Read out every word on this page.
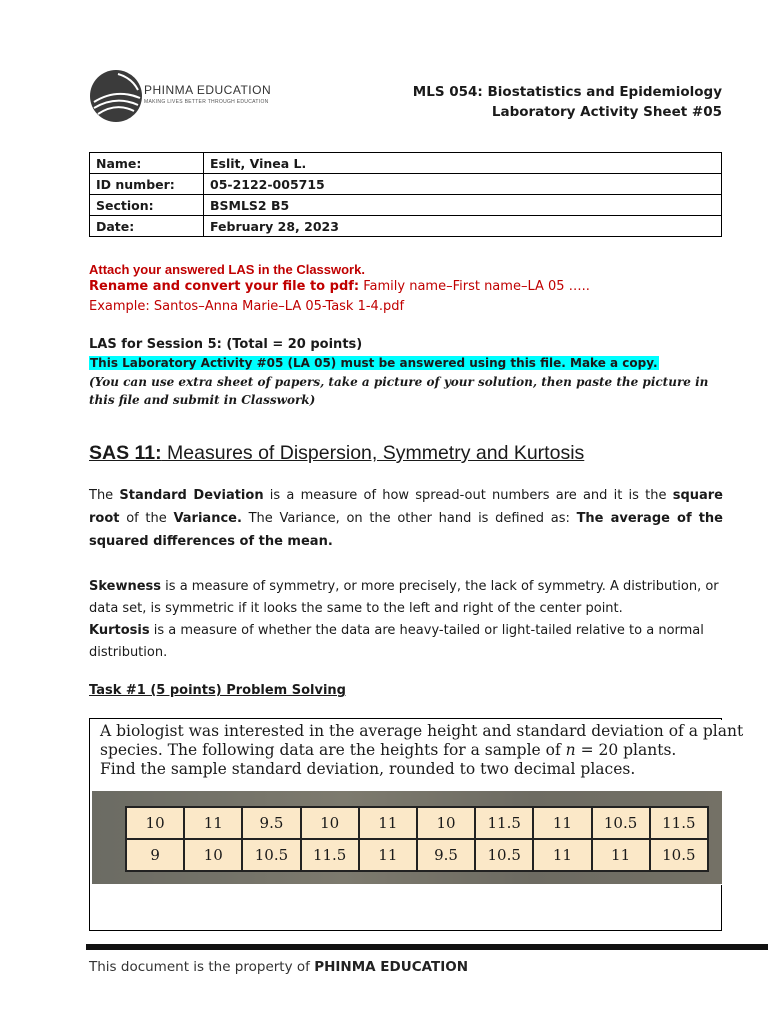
PHINMA EDUCATION
MAKING LIVES BETTER THROUGH EDUCATION
MLS 054: Biostatistics and Epidemiology
Laboratory Activity Sheet #05
Name:	Eslit, Vinea L.
ID number:	05-2122-005715
Section:	BSMLS2 B5
Date:	February 28, 2023
Attach your answered LAS in the Classwork.
Rename and convert your file to pdf: Family name–First name–LA 05 …..
Example: Santos–Anna Marie–LA 05-Task 1-4.pdf
LAS for Session 5: (Total = 20 points)
This Laboratory Activity #05 (LA 05) must be answered using this file. Make a copy.
(You can use extra sheet of papers, take a picture of your solution, then paste the picture in this file and submit in Classwork)
SAS 11: Measures of Dispersion, Symmetry and Kurtosis
The Standard Deviation is a measure of how spread-out numbers are and it is the square root of the Variance. The Variance, on the other hand is defined as: The average of the squared differences of the mean.
Skewness is a measure of symmetry, or more precisely, the lack of symmetry. A distribution, or data set, is symmetric if it looks the same to the left and right of the center point.
Kurtosis is a measure of whether the data are heavy-tailed or light-tailed relative to a normal distribution.
Task #1 (5 points) Problem Solving
A biologist was interested in the average height and standard deviation of a plant
species. The following data are the heights for a sample of n = 20 plants.
Find the sample standard deviation, rounded to two decimal places.
10	11	9.5	10	11	10	11.5	11	10.5	11.5
9	10	10.5	11.5	11	9.5	10.5	11	11	10.5
This document is the property of PHINMA EDUCATION
